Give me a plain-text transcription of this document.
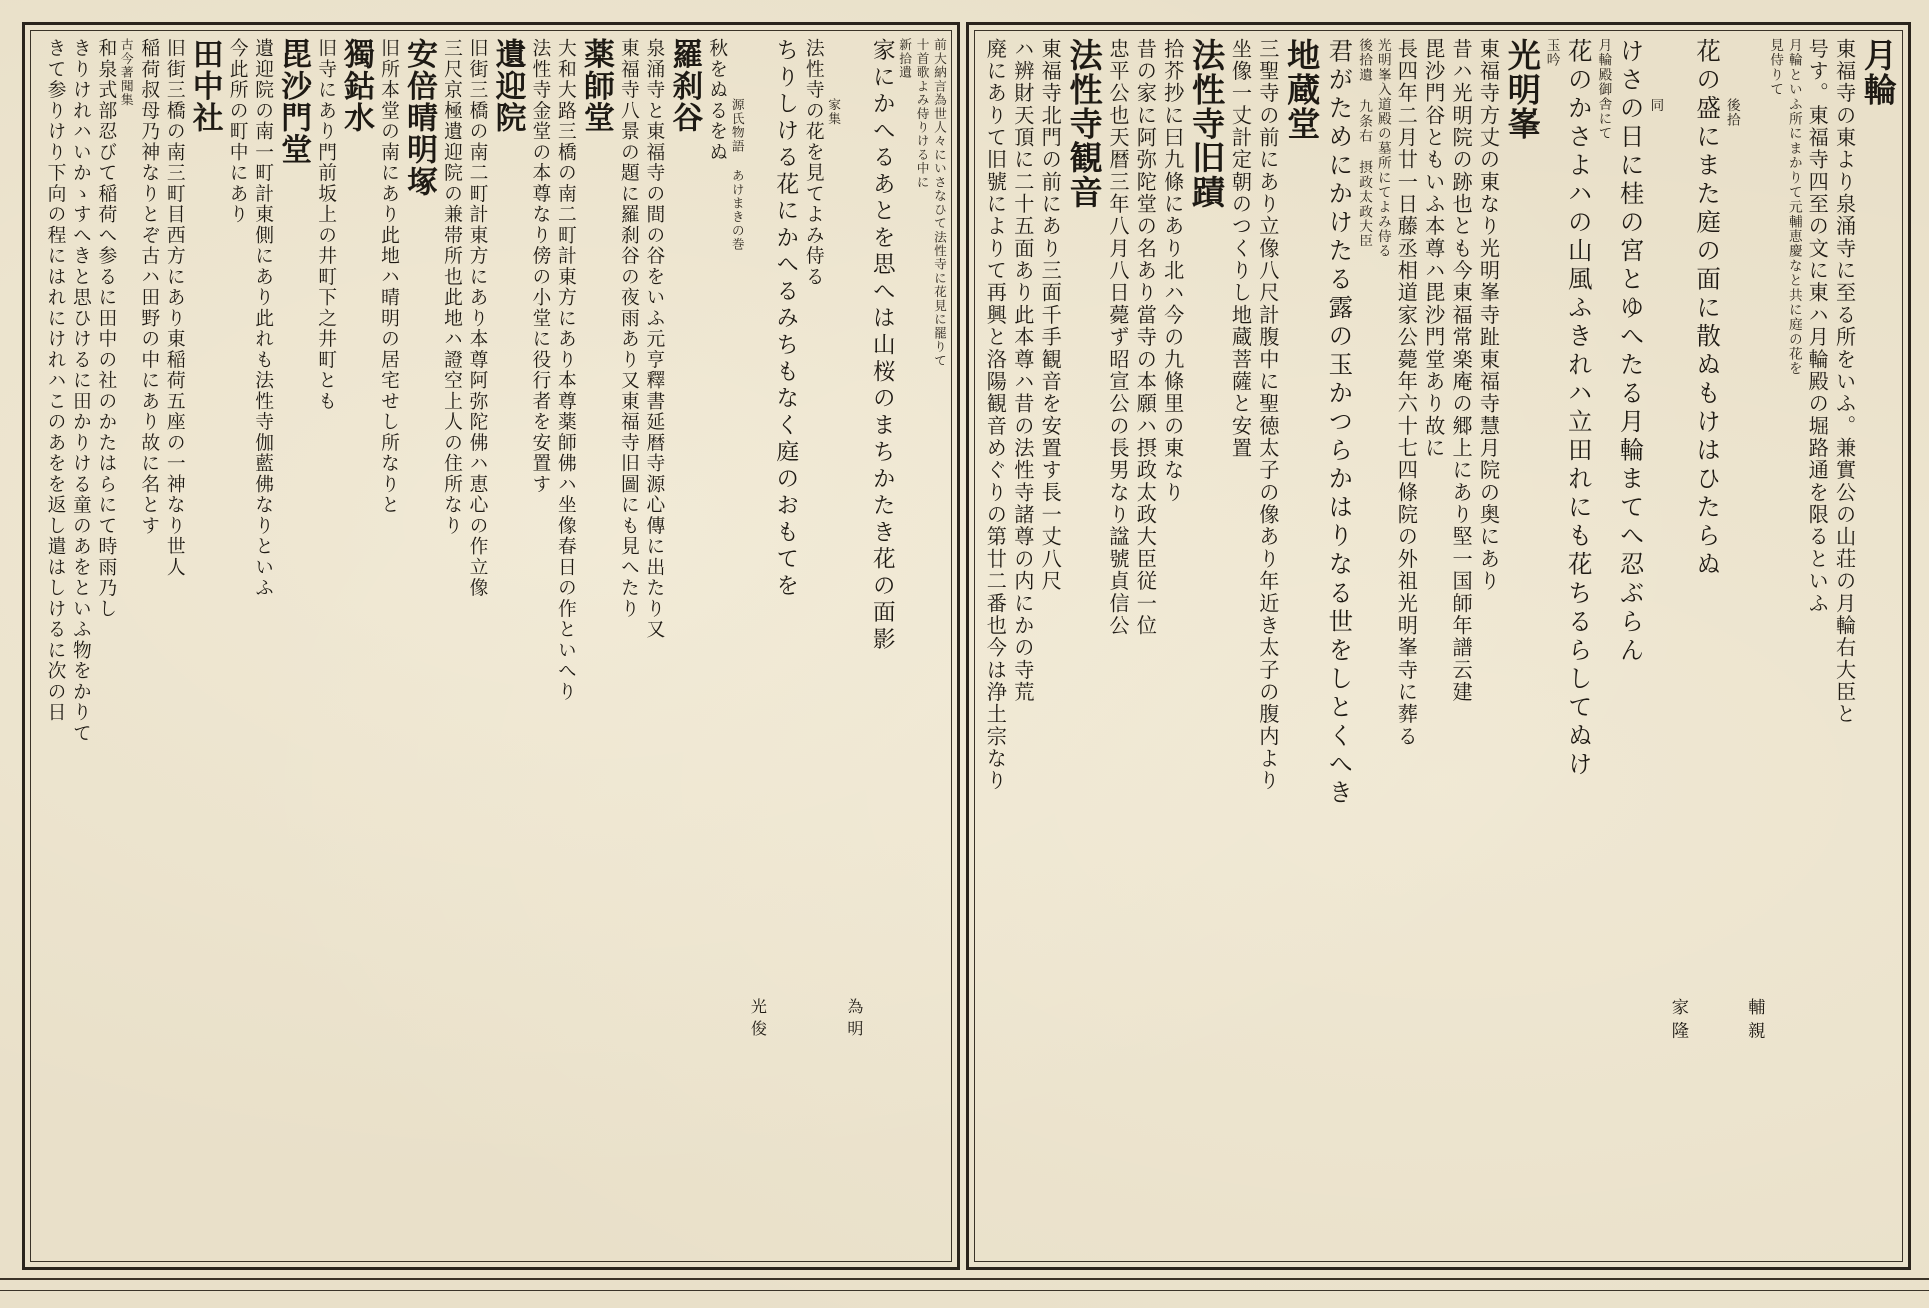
月輪
東福寺の東より泉涌寺に至る所をいふ。兼實公の山荘の月輪右大臣と
号す。東福寺四至の文に東ハ月輪殿の堀路通を限るといふ
月輪といふ所にまかりて元輔恵慶なと共に庭の花を
見侍りて
輔親
後拾
花の盛にまた庭の面に散ぬもけはひたらぬ
家隆
同
けさの日に桂の宮とゆへたる月輪まてへ忍ぶらん
月輪殿御舎にて
花のかさよハの山風ふきれハ立田れにも花ちるらしてぬけ
玉吟
光明峯
東福寺方丈の東なり光明峯寺趾東福寺慧月院の奥にあり
昔ハ光明院の跡也とも今東福常楽庵の郷上にあり堅一国師年譜云建
毘沙門谷ともいふ本尊ハ毘沙門堂あり故に
長四年二月廿一日藤丞相道家公薨年六十七四條院の外祖光明峯寺に葬る
光明峯入道殿の墓所にてよみ侍る
後拾遺 九条右 摂政太政大臣
君がためにかけたる露の玉かつらかはりなる世をしとくへき
地蔵堂
三聖寺の前にあり立像八尺計腹中に聖徳太子の像あり年近き太子の腹内より
坐像一丈計定朝のつくりし地蔵菩薩と安置
法性寺旧蹟
拾芥抄に曰九條にあり北ハ今の九條里の東なり
昔の家に阿弥陀堂の名あり當寺の本願ハ摂政太政大臣従一位
忠平公也天暦三年八月八日薨ず昭宣公の長男なり諡號貞信公
法性寺観音
東福寺北門の前にあり三面千手観音を安置す長一丈八尺
ハ辨財天頂に二十五面あり此本尊ハ昔の法性寺諸尊の内にかの寺荒
廃にありて旧號によりて再興と洛陽観音めぐりの第廿二番也今は浄土宗なり
前大納言為世人々にいさなひて法性寺に花見に罷りて
十首歌よみ侍りける中に
新拾遺
家にかへるあとを思へは山桜のまちかたき花の面影
為明
家集
法性寺の花を見てよみ侍る
ちりしける花にかへるみちもなく庭のおもてを
光俊
源氏物語 あけまきの巻
秋をぬるをぬ
羅刹谷
泉涌寺と東福寺の間の谷をいふ元亨釋書延暦寺源心傳に出たり又
東福寺八景の題に羅刹谷の夜雨あり又東福寺旧圖にも見へたり
薬師堂
大和大路三橋の南二町計東方にあり本尊薬師佛ハ坐像春日の作といへり
法性寺金堂の本尊なり傍の小堂に役行者を安置す
遺迎院
旧街三橋の南二町計東方にあり本尊阿弥陀佛ハ恵心の作立像
三尺京極遺迎院の兼帯所也此地ハ證空上人の住所なり
安倍晴明塚
旧所本堂の南にあり此地ハ晴明の居宅せし所なりと
獨鈷水
旧寺にあり門前坂上の井町下之井町とも
毘沙門堂
遺迎院の南一町計東側にあり此れも法性寺伽藍佛なりといふ
今此所の町中にあり
田中社
旧街三橋の南三町目西方にあり東稲荷五座の一神なり世人
稲荷叔母乃神なりとぞ古ハ田野の中にあり故に名とす
古今著聞集
和泉式部忍びて稲荷へ参るに田中の社のかたはらにて時雨乃し
きりけれハいかゝすへきと思ひけるに田かりける童のあをといふ物をかりて
きて参りけり下向の程にはれにけれハこのあをを返し遣はしけるに次の日
